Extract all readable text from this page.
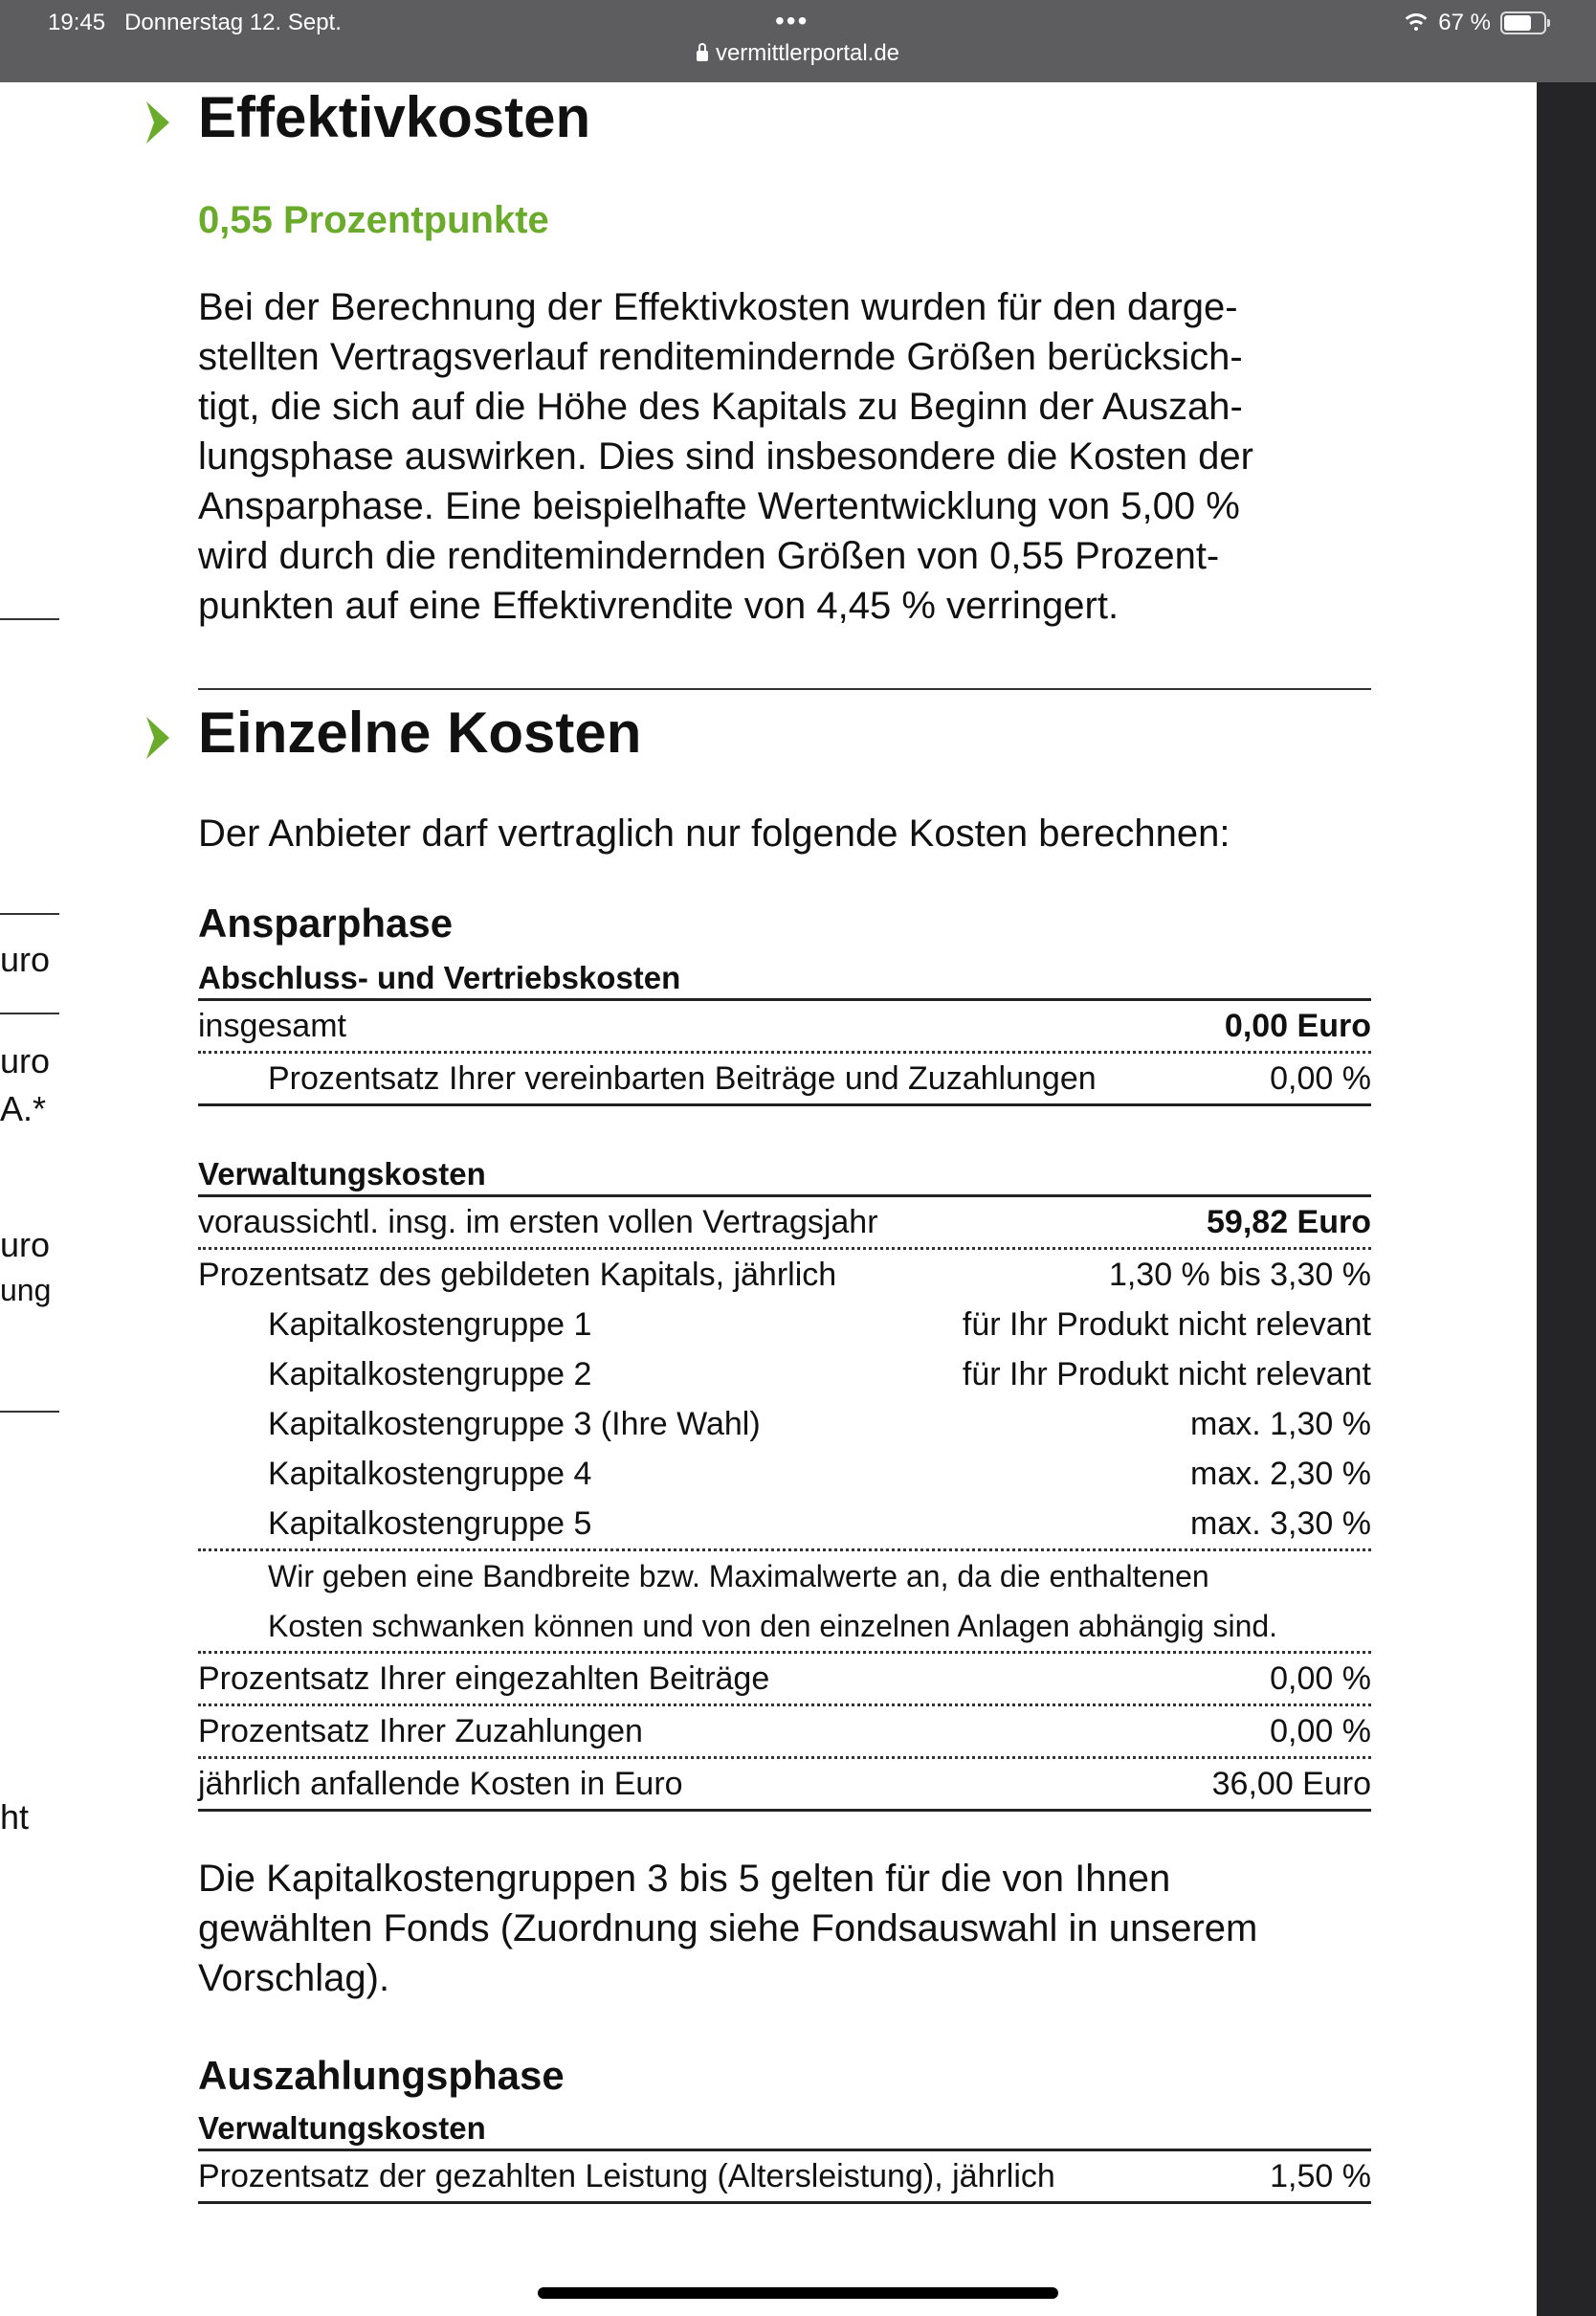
19:45 Donnerstag 12. Sept.	•••
vermittlerportal.de
67 %
uro
uro
A.*
uro
ung
ht
Effektivkosten
0,55 Prozentpunkte
Bei der Berechnung der Effektivkosten wurden für den darge-
stellten Vertragsverlauf renditemindernde Größen berücksich-
tigt, die sich auf die Höhe des Kapitals zu Beginn der Auszah-
lungsphase auswirken. Dies sind insbesondere die Kosten der
Ansparphase. Eine beispielhafte Wertentwicklung von 5,00 %
wird durch die renditemindernden Größen von 0,55 Prozent-
punkten auf eine Effektivrendite von 4,45 % verringert.
Einzelne Kosten
Der Anbieter darf vertraglich nur folgende Kosten berechnen:
Ansparphase
Abschluss- und Vertriebskosten
insgesamt	0,00 Euro
Prozentsatz Ihrer vereinbarten Beiträge und Zuzahlungen	0,00 %
Verwaltungskosten
voraussichtl. insg. im ersten vollen Vertragsjahr	59,82 Euro
Prozentsatz des gebildeten Kapitals, jährlich	1,30 % bis 3,30 %
Kapitalkostengruppe 1	für Ihr Produkt nicht relevant
Kapitalkostengruppe 2	für Ihr Produkt nicht relevant
Kapitalkostengruppe 3 (Ihre Wahl)	max. 1,30 %
Kapitalkostengruppe 4	max. 2,30 %
Kapitalkostengruppe 5	max. 3,30 %
Wir geben eine Bandbreite bzw. Maximalwerte an, da die enthaltenen
Kosten schwanken können und von den einzelnen Anlagen abhängig sind.
Prozentsatz Ihrer eingezahlten Beiträge	0,00 %
Prozentsatz Ihrer Zuzahlungen	0,00 %
jährlich anfallende Kosten in Euro	36,00 Euro
Die Kapitalkostengruppen 3 bis 5 gelten für die von Ihnen
gewählten Fonds (Zuordnung siehe Fondsauswahl in unserem
Vorschlag).
Auszahlungsphase
Verwaltungskosten
Prozentsatz der gezahlten Leistung (Altersleistung), jährlich	1,50 %
